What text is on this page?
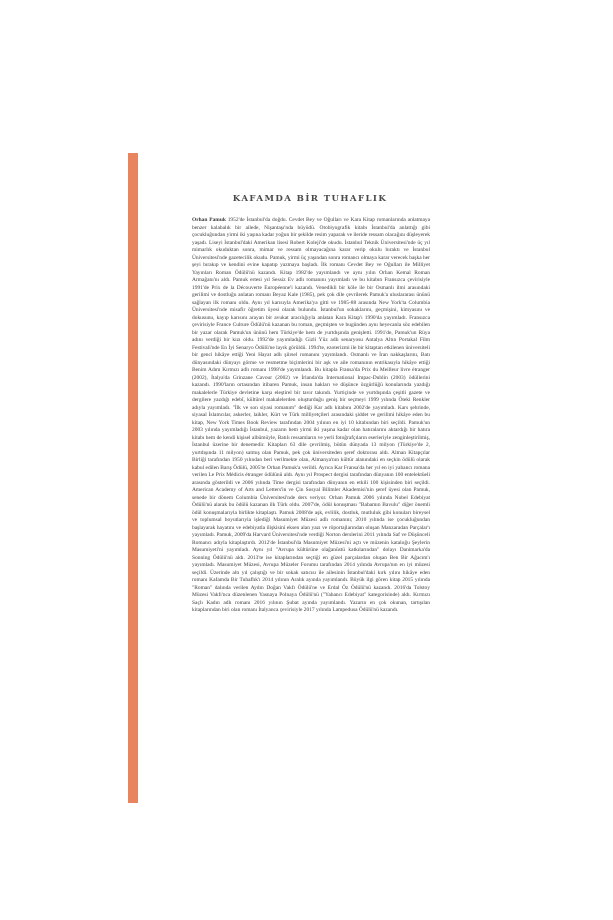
KAFAMDA BİR TUHAFLIK

Orhan Pamuk 1952'de İstanbul'da doğdu. Cevdet Bey ve Oğulları ve Kara Kitap romanlarında anlatmaya benzer kalabalık bir ailede, Nişantaşı'nda büyüdü. Otobiyografik kitabı İstanbul'da anlattığı gibi çocukluğundan yirmi iki yaşına kadar yoğun bir şekilde resim yaparak ve ileride ressam olacağını düşleyerek yaşadı. Liseyi İstanbul'daki Amerikan lisesi Robert Koleji'de okudu. İstanbul Teknik Üniversitesi'nde üç yıl mimarlık okuduktan sonra, mimar ve ressam olmayacağına karar verip okulu bıraktı ve İstanbul Üniversitesi'nde gazetecilik okudu. Pamuk, yirmi üç yaşından sonra romancı olmaya karar verecek başka her şeyi bırakıp ve kendini evine kapatıp yazmaya başladı. İlk romanı Cevdet Bey ve Oğulları ile Milliyet Yayınları Roman Ödülü'nü kazandı. Kitap 1982'de yayımlandı ve aynı yılın Orhan Kemal Roman Armağanı'nı aldı. Pamuk ertesi yıl Sessiz Ev adlı romanını yayımladı ve bu kitabın Fransızca çevirisiyle 1991'de Prix de la Découverte Européenne'i kazandı. Venedikli bir köle ile bir Osmanlı ilmi arasındaki gerilimi ve dostluğu anlatan romanı Beyaz Kale (1985), pek çok dile çevrilerek Pamuk'a uluslararası ününü sağlayan ilk romanı oldu. Aynı yıl karısıyla Amerika'ya gitti ve 1985-88 arasında New York'ta Columbia Üniversitesi'nde misafir öğretim üyesi olarak bulundu. İstanbul'un sokaklarını, geçmişini, kimyasını ve dokusunu, kayıp karısını arayan bir avukat aracılığıyla anlatan Kara Kitap'ı 1990'da yayımladı. Fransızca çevirisiyle France Culture Ödülü'nü kazanan bu roman, geçmişten ve bugünden aynı heyecanla söz edebilen bir yazar olarak Pamuk'un ününü hem Türkiye'de hem de yurtdışında genişletti. 1991'de, Pamuk'un Rüya adını verdiği bir kızı oldu. 1992'de yayımladığı Gizli Yüz adlı senaryosu Antalya Altın Portakal Film Festivali'nde En İyi Senaryo Ödülü'ne layık görüldü. 1994'te, ezoterizmi ile bir kitaptan etkilenen üniversiteli bir genci hikâye ettiği Yeni Hayat adlı şiirsel romanını yayımlandı. Osmanlı ve İran nakkaşlarını, Batı dünyasındaki dünyayı görme ve resmetme biçimlerini bir aşk ve aile romanının entrikasıyla hikâye ettiği Benim Adım Kırmızı adlı romanı 1998'de yayımlandı. Bu kitapla Fransa'da Prix du Meilleur livre étranger (2002), İtalya'da Grinzane Cavour (2002) ve İrlanda'da International Impac-Dublin (2003) ödüllerini kazandı. 1990'ların ortasından itibaren Pamuk, insan hakları ve düşünce özgürlüğü konularında yazdığı makalelerle Türkiye devletine karşı eleştirel bir tavır takındı. Yurtiçinde ve yurtdışında çeşitli gazete ve dergilere yazdığı edebî, kültürel makalelerden oluşturduğu geniş bir seçmeyi 1999 yılında Öteki Renkler adıyla yayımladı. "İlk ve son siyasi romanım" dediği Kar adlı kitabını 2002'de yayımladı. Kars şehrinde, siyasal İslamcılar, askerler, laikler, Kürt ve Türk milliyetçileri arasındaki şiddet ve gerilimi hikâye eden bu kitap, New York Times Book Review tarafından 2004 yılının en iyi 10 kitabından biri seçildi. Pamuk'un 2003 yılında yayımladığı İstanbul, yazarın hem yirmi iki yaşına kadar olan hatıralarını aktardığı bir hatıra kitabı hem de kendi kişisel albümüyle, Batılı ressamların ve yerli fotoğrafçıların eserleriyle zenginleştirilmiş, İstanbul üzerine bir denemedir. Kitapları 63 dile çevrilmiş, bütün dünyada 13 milyon (Türkiye'de 2, yurtdışında 11 milyon) satmış olan Pamuk, pek çok üniversiteden şeref doktorası aldı. Alman Kitapçılar Birliği tarafından 1950 yılından beri verilmekte olan, Almanya'nın kültür alanındaki en seçkin ödülü olarak kabul edilen Barış Ödülü, 2005'te Orhan Pamuk'a verildi. Ayrıca Kar Fransa'da her yıl en iyi yabancı romana verilen Le Prix Médicis étranger ödülünü aldı. Aynı yıl Prospect dergisi tarafından dünyanın 100 entelektüeli arasında gösterildi ve 2006 yılında Time dergisi tarafından dünyanın en etkili 100 kişisinden biri seçildi. American Academy of Arts and Letters'in ve Çin Sosyal Bilimler Akademisi'nin şeref üyesi olan Pamuk, senede bir dönem Columbia Üniversitesi'nde ders veriyor. Orhan Pamuk 2006 yılında Nobel Edebiyat Ödülü'nü alarak bu ödülü kazanan ilk Türk oldu. 2007'de, ödül konuşması "Babamın Bavulu" diğer önemli ödül konuşmalarıyla birlikte kitaplaştı. Pamuk 2008'de aşk, evlilik, dostluk, mutluluk gibi konuları bireysel ve toplumsal boyutlarıyla işlediği Masumiyet Müzesi adlı romanını; 2010 yılında ise çocukluğundan başlayarak hayatını ve edebiyatla ilişkisini eksen alan yazı ve röportajlarından oluşan Manzaradan Parçalar'ı yayımladı. Pamuk, 2009'da Harvard Üniversitesi'nde verdiği Norton derslerini 2011 yılında Saf ve Düşünceli Romancı adıyla kitaplaştırdı. 2012'de İstanbul'da Masumiyet Müzesi'ni açtı ve müzenin kataloğu Şeylerin Masumiyeti'ni yayımladı. Aynı yıl "Avrupa kültürüne olağanüstü katkılarından" dolayı Danimarka'da Sonning Ödülü'nü aldı. 2013'te ise kitaplarından seçtiği en güzel parçalardan oluşan Ben Bir Ağacım'ı yayımladı. Masumiyet Müzesi, Avrupa Müzeler Forumu tarafından 2014 yılında Avrupa'nın en iyi müzesi seçildi. Üzerinde altı yıl çalıştığı ve bir sokak satıcısı ile ailesinin İstanbul'daki kırk yılını hikâye eden romanı Kafamda Bir Tuhaflık'ı 2014 yılının Aralık ayında yayımlandı. Büyük ilgi gören kitap 2015 yılında "Roman" dalında verilen Aydın Doğan Vakfı Ödülü'ne ve Erdal Öz Ödülü'nü kazandı. 2016'da Tolstoy Müzesi Vakfı'nca düzenlenen Yasnaya Polnaya Ödülü'nü ("Yabancı Edebiyat" kategorisinde) aldı. Kırmızı Saçlı Kadın adlı romanı 2016 yılının Şubat ayında yayımlandı. Yazarın en çok okunan, tartışılan kitaplarından biri olan romanı İtalyanca çevirisiyle 2017 yılında Lampedusa Ödülü'nü kazandı.
